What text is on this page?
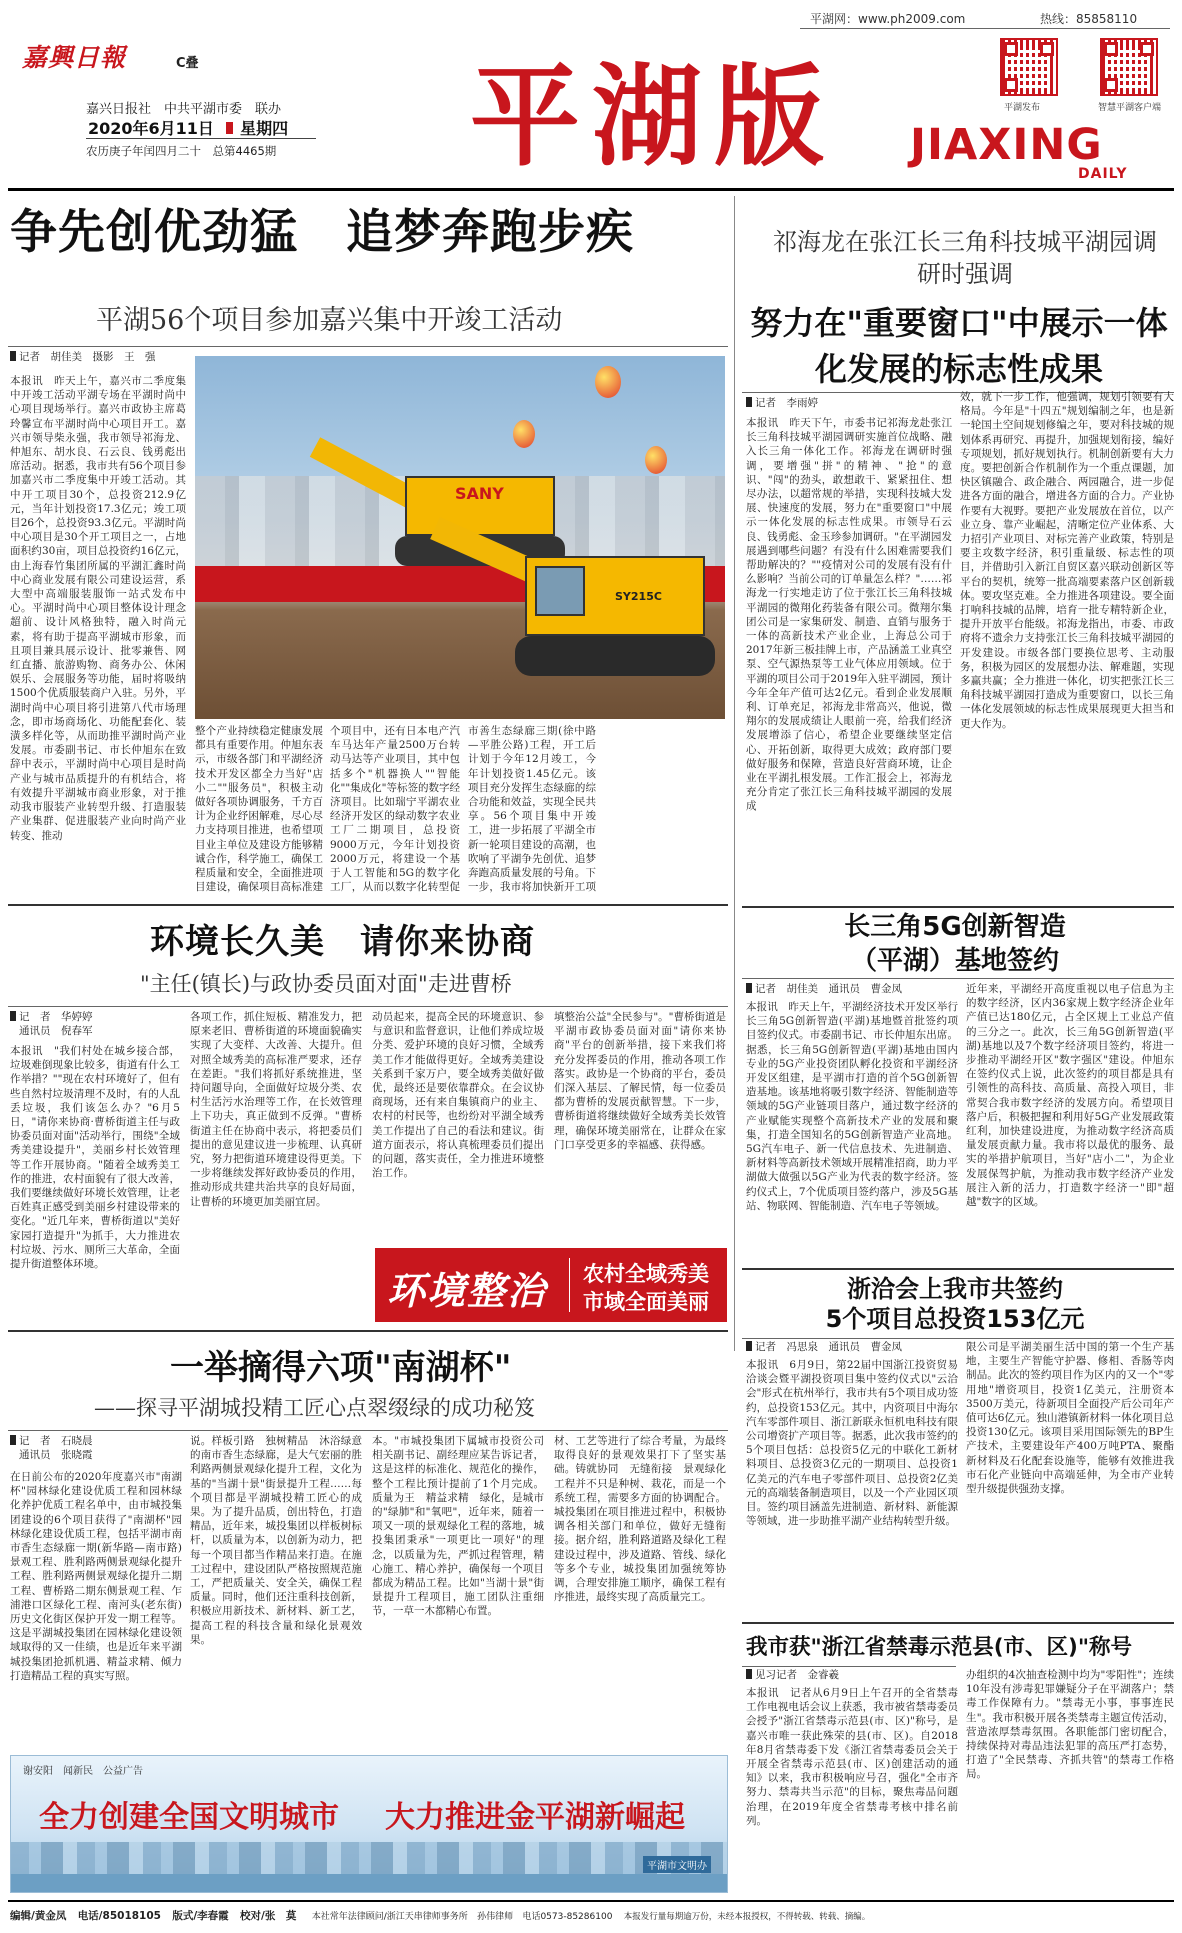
平湖网：www.ph2009.com	热线：85858110
嘉興日報	C叠
嘉兴日报社　中共平湖市委　联办
2020年6月11日 星期四
农历庚子年闰四月二十　总第4465期 平湖版	平湖发布	智慧平湖客户端
JIAXING
DAILY
争先创优劲猛　追梦奔跑步疾
平湖56个项目参加嘉兴集中开竣工活动
记者　胡佳美　摄影　王　强
本报讯　昨天上午，嘉兴市二季度集中开竣工活动平湖专场在平湖时尚中心项目现场举行。嘉兴市政协主席葛玲馨宣布平湖时尚中心项目开工。嘉兴市领导柴永强，我市领导祁海龙、仲旭东、胡水良、石云良、钱勇彪出席活动。据悉，我市共有56个项目参加嘉兴市二季度集中开竣工活动。其中开工项目30个，总投资212.9亿元，当年计划投资17.3亿元；竣工项目26个，总投资93.3亿元。平湖时尚中心项目是30个开工项目之一，占地面积约30亩，项目总投资约16亿元，由上海春竹集团所属的平湖汇鑫时尚中心商业发展有限公司建设运营，系大型中高端服装服饰一站式发布中心。平湖时尚中心项目整体设计理念超前、设计风格独特，融入时尚元素，将有助于提高平湖城市形象，而且项目兼具展示设计、批零兼售、网红直播、旅游购物、商务办公、休闲娱乐、会展服务等功能，届时将吸纳1500个优质服装商户入驻。另外，平湖时尚中心项目将引进第八代市场理念，即市场商场化、功能配套化、装潢多样化等，从而助推平湖时尚产业发展。市委副书记、市长仲旭东在致辞中表示，平湖时尚中心项目是时尚产业与城市品质提升的有机结合，将有效提升平湖城市商业形象，对于推动我市服装产业转型升级、打造服装产业集群、促进服装产业向时尚产业转变、推动
SANY
SY215C
整个产业持续稳定健康发展都具有重要作用。仲旭东表示，市级各部门和平湖经济技术开发区都全力当好"店小二""服务员"，积极主动做好各项协调服务，千方百计为企业纾困解难，尽心尽力支持项目推进，也希望项目业主单位及建设方能够精诚合作，科学施工，确保工程质量和安全，全面推进项目建设，确保项目高标准建
个项目中，还有日本电产汽车马达年产量2500万台转动马达等产业项目，其中包括多个"机器换人""智能化""集成化"等标签的数字经济项目。比如瑞宁平湖农业经济开发区的绿动数字农业工厂二期项目，总投资9000万元，今年计划投资2000万元，将建设一个基于人工智能和5G的数字化工厂，从而以数字化转型促
市善生态绿廊三期(徐中路—平胜公路)工程，开工后计划于今年12月竣工，今年计划投资1.45亿元。该项目充分发挥生态绿廊的综合功能和效益，实现全民共享。56个项目集中开竣工，进一步拓展了平湖全市新一轮项目建设的高潮，也吹响了平湖争先创优、追梦奔跑高质量发展的号角。下一步，我市将加快新开工项
祁海龙在张江长三角科技城平湖园调研时强调
努力在"重要窗口"中展示一体化发展的标志性成果
记者　李雨婷
本报讯　昨天下午，市委书记祁海龙赴张江长三角科技城平湖园调研实施首位战略、融入长三角一体化工作。祁海龙在调研时强调，要增强"拼"的精神、"抢"的意识、"闯"的劲头，敢想敢干、紧紧扭住、想尽办法，以超常规的举措，实现科技城大发展、快速度的发展，努力在"重要窗口"中展示一体化发展的标志性成果。市领导石云良、钱勇彪、金玉珍参加调研。"在平湖园发展遇到哪些问题？有没有什么困难需要我们帮助解决的？""疫情对公司的发展有没有什么影响？当前公司的订单量怎么样？"……祁海龙一行实地走访了位于张江长三角科技城平湖园的微翔化药装备有限公司。微翔尔集团公司是一家集研发、制造、直销与服务于一体的高新技术产业企业，上海总公司于2017年新三板挂牌上市，产品涵盖工业真空泵、空气源热泵等工业气体应用领域。位于平湖的项目公司于2019年入驻平湖园，预计今年全年产值可达2亿元。看到企业发展顺利、订单充足，祁海龙非常高兴，他说，微翔尔的发展成绩让人眼前一亮，给我们经济发展增添了信心，希望企业要继续坚定信心、开拓创新，取得更大成效；政府部门要做好服务和保障，营造良好营商环境，让企业在平湖扎根发展。工作汇报会上，祁海龙充分肯定了张江长三角科技城平湖园的发展成
效，就下一步工作，他强调，规划引领要有大格局。今年是"十四五"规划编制之年，也是新一轮国土空间规划修编之年，要对科技城的规划体系再研究、再提升，加强规划衔接，编好专项规划，抓好规划执行。机制创新要有大力度。要把创新合作机制作为一个重点课题，加快区镇融合、政企融合、两园融合，进一步促进各方面的融合，增进各方面的合力。产业协作要有大视野。要把产业发展放在首位，以产业立身、靠产业崛起，清晰定位产业体系、大力招引产业项目、对标完善产业政策，特别是要主攻数字经济，积引重量级、标志性的项目，并借助引入新江自贸区嘉兴联动创新区等平台的契机，统筹一批高端要素落户区创新载体。要攻坚克难。全力推进各项建设。要全面打响科技城的品牌，培育一批专精特新企业，提升开放平台能级。祁海龙指出，市委、市政府将不遗余力支持张江长三角科技城平湖园的开发建设。市级各部门要换位思考、主动服务，积极为园区的发展想办法、解难题，实现多赢共赢；全力推进一体化，切实把张江长三角科技城平湖园打造成为重要窗口，以长三角一体化发展领域的标志性成果展现更大担当和更大作为。
长三角5G创新智造（平湖）基地签约
记者　胡佳美　通讯员　曹金凤
本报讯　昨天上午，平湖经济技术开发区举行长三角5G创新智造(平湖)基地暨首批签约项目签约仪式。市委副书记、市长仲旭东出席。据悉，长三角5G创新智造(平湖)基地由国内专业的5G产业投资团队孵化投资和平湖经济开发区组建，是平湖市打造的首个5G创新智造基地。该基地将吸引数字经济、智能制造等领域的5G产业链项目落户，通过数字经济的产业赋能实现整个高新技术产业的发展和聚集，打造全国知名的5G创新智造产业高地。5G汽车电子、新一代信息技术、先进制造、新材料等高新技术领域开展精准招商，助力平湖做大做强以5G产业为代表的数字经济。签约仪式上，7个优质项目签约落户，涉及5G基站、物联网、智能制造、汽车电子等领域。
近年来，平湖经开高度重视以电子信息为主的数字经济，区内36家规上数字经济企业年产值已达180亿元，占全区规上工业总产值的三分之一。此次，长三角5G创新智造(平湖)基地以及7个数字经济项目签约，将进一步推动平湖经开区"数字强区"建设。仲旭东在签约仪式上说，此次签约的项目都是具有引领性的高科技、高质量、高投入项目，非常契合我市数字经济的发展方向。希望项目落户后，积极把握和利用好5G产业发展政策红利，加快建设进度，为推动数字经济高质量发展贡献力量。我市将以最优的服务、最实的举措护航项目，当好"店小二"，为企业发展保驾护航，为推动我市数字经济产业发展注入新的活力，打造数字经济一"即"超越"数字的区域。
浙洽会上我市共签约
5个项目总投资153亿元
记者　冯思泉　通讯员　曹金凤
本报讯　6月9日，第22届中国浙江投资贸易洽谈会暨平湖投资项目集中签约仪式以"云洽会"形式在杭州举行，我市共有5个项目成功签约，总投资153亿元。其中，内资项目中海尔汽车零部件项目、浙江新联永恒机电科技有限公司增资扩产项目等。据悉，此次我市签约的5个项目包括：总投资5亿元的中联化工新材料项目、总投资3亿元的一期项目、总投资1亿美元的汽车电子零部件项目、总投资2亿美元的高端装备制造项目，以及一个产业园区项目。签约项目涵盖先进制造、新材料、新能源等领域，进一步助推平湖产业结构转型升级。
限公司是平湖美丽生活中国的第一个生产基地，主要生产智能守护器、修相、香肠等肉制品。此次的签约项目作为区内的又一个"零用地"增资项目，投资1亿美元，注册资本3500万美元，待新项目全面投产后公司年产值可达6亿元。独山港镇新材料一体化项目总投资130亿元。该项目采用国际领先的BP生产技术，主要建设年产400万吨PTA、聚酯新材料及石化配套设施等，能够有效推进我市石化产业链向中高端延伸，为全市产业转型升级提供强劲支撑。
我市获"浙江省禁毒示范县(市、区)"称号
见习记者　金睿羲
本报讯　记者从6月9日上午召开的全省禁毒工作电视电话会议上获悉，我市被省禁毒委员会授予"浙江省禁毒示范县(市、区)"称号，是嘉兴市唯一获此殊荣的县(市、区)。自2018年8月省禁毒委下发《浙江省禁毒委员会关于开展全省禁毒示范县(市、区)创建活动的通知》以来，我市积极响应号召，强化"全市齐努力、禁毒共当示范"的目标，聚焦毒品问题治理，在2019年度全省禁毒考核中排名前列。
办组织的4次抽查检测中均为"零阳性"；连续10年没有涉毒犯罪嫌疑分子在平湖落户；禁毒工作保障有力。"禁毒无小事，事事连民生"。我市积极开展各类禁毒主题宣传活动，营造浓厚禁毒氛围。各职能部门密切配合，持续保持对毒品违法犯罪的高压严打态势，打造了"全民禁毒、齐抓共管"的禁毒工作格局。
环境长久美　请你来协商
"主任(镇长)与政协委员面对面"走进曹桥
记　者　华婷婷
通讯员　倪春军
本报讯　"我们村处在城乡接合部，垃圾难倒现象比较多，街道有什么工作举措？""现在农村环境好了，但有些自然村垃圾清理不及时，有的人乱丢垃圾，我们该怎么办？"6月5日，"请你来协商·曹桥街道主任与政协委员面对面"活动举行，围绕"全域秀美建设提升"，美丽乡村长效管理等工作开展协商。"随着全域秀美工作的推进，农村面貌有了很大改善，我们要继续做好环境长效管理，让老百姓真正感受到美丽乡村建设带来的变化。"近几年来，曹桥街道以"美好家园打造提升"为抓手，大力推进农村垃圾、污水、厕所三大革命，全面提升街道整体环境。
各项工作，抓住短板、精准发力，把原来老旧、曹桥街道的环境面貌确实实现了大变样、大改善、大提升。但对照全域秀美的高标准严要求，还存在差距。"我们将抓好系统推进，坚持问题导向，全面做好垃圾分类、农村生活污水治理等工作，在长效管理上下功夫，真正做到不反弹。"曹桥街道主任在协商中表示，将把委员们提出的意见建议进一步梳理、认真研究，努力把街道环境建设得更美。下一步将继续发挥好政协委员的作用，推动形成共建共治共享的良好局面，让曹桥的环境更加美丽宜居。
动员起来，提高全民的环境意识、参与意识和监督意识，让他们养成垃圾分类、爱护环境的良好习惯，全域秀美工作才能做得更好。全域秀美建设关系到千家万户，要全域秀美做好做优，最终还是要依靠群众。在会议协商现场，还有来自集镇商户的业主、农村的村民等，也纷纷对平湖全域秀美工作提出了自己的看法和建议。街道方面表示，将认真梳理委员们提出的问题，落实责任，全力推进环境整治工作。
填整治公益"全民参与"。"曹桥街道是平湖市政协委员面对面"请你来协商"平台的创新举措，接下来我们将充分发挥委员的作用，推动各项工作落实。政协是一个协商的平台，委员们深入基层、了解民情，每一位委员都为曹桥的发展贡献智慧。下一步，曹桥街道将继续做好全域秀美长效管理，确保环境美丽常在，让群众在家门口享受更多的幸福感、获得感。
环境整治 农村全域秀美
市域全面美丽
一举摘得六项"南湖杯"
——探寻平湖城投精工匠心点翠缀绿的成功秘笈
记　者　石晓晨
通讯员　张晓霞
在日前公布的2020年度嘉兴市"南湖杯"园林绿化建设优质工程和园林绿化养护优质工程名单中，由市城投集团建设的6个项目获得了"南湖杯"园林绿化建设优质工程，包括平湖市南市香生态绿廊一期(新华路—南市路)景观工程、胜利路两侧景观绿化提升工程、胜利路两侧景观绿化提升二期工程、曹桥路二期东侧景观工程、乍浦港口区绿化工程、南河头(老东街)历史文化街区保护开发一期工程等。这是平湖城投集团在园林绿化建设领域取得的又一佳绩，也是近年来平湖城投集团抢抓机遇、精益求精、倾力打造精品工程的真实写照。
说。样板引路　独树精品　沐浴绿意的南市香生态绿廊，是大气宏丽的胜利路两侧景观绿化提升工程，文化为基的"当湖十景"街景提升工程……每个项目都是平湖城投精工匠心的成果。为了提升品质，创出特色，打造精品，近年来，城投集团以样板树标杆，以质量为本，以创新为动力，把每一个项目都当作精品来打造。在施工过程中，建设团队严格按照规范施工，严把质量关、安全关，确保工程质量。同时，他们还注重科技创新，积极应用新技术、新材料、新工艺，提高工程的科技含量和绿化景观效果。
本。"市城投集团下属城市投资公司相关副书记、副经理应某告诉记者，这是这样的标准化、规范化的操作，整个工程比预计提前了1个月完成。质量为王　精益求精　绿化，是城市的"绿肺"和"氧吧"，近年来，随着一项又一项的景观绿化工程的落地，城投集团秉承"一项更比一项好"的理念，以质量为先，严抓过程管理，精心施工、精心养护，确保每一个项目都成为精品工程。比如"当湖十景"街景提升工程项目，施工团队注重细节，一草一木都精心布置。
材、工艺等进行了综合考量，为最终取得良好的景观效果打下了坚实基础。铸就协同　无缝衔接　景观绿化工程并不只是种树、栽花，而是一个系统工程，需要多方面的协调配合。城投集团在项目推进过程中，积极协调各相关部门和单位，做好无缝衔接。据介绍，胜利路道路及绿化工程建设过程中，涉及道路、管线、绿化等多个专业，城投集团加强统筹协调，合理安排施工顺序，确保工程有序推进，最终实现了高质量完工。
谢安阳　闻新民　公益广告
全力创建全国文明城市 大力推进金平湖新崛起
平湖市文明办
编辑/黄金凤 电话/85018105 版式/李春霞 校对/张　莫 本社常年法律顾问/浙江天串律师事务所 孙伟律师 电话0573-85286100 本报发行量每期逾万份，未经本报授权，不得转载、转载、摘编。
